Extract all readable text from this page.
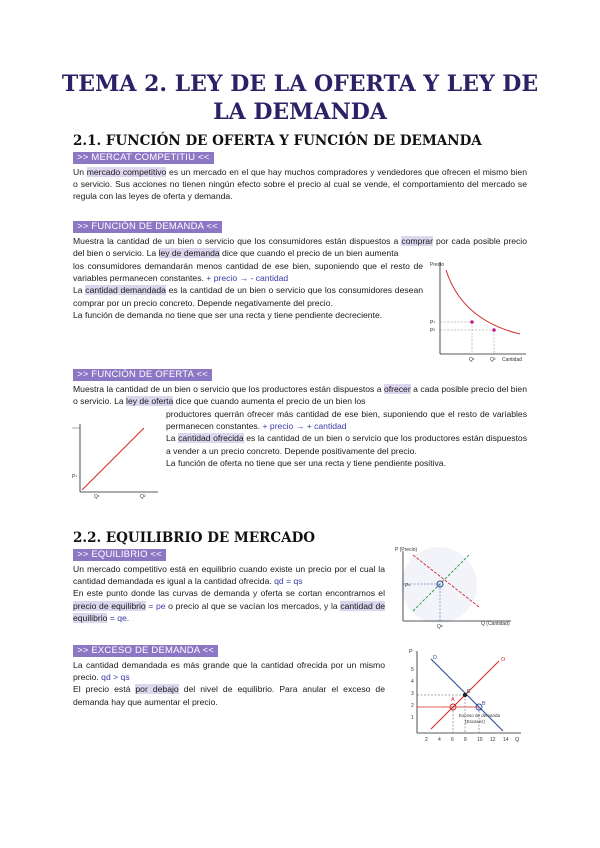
TEMA 2. LEY DE LA OFERTA Y LEY DE
LA DEMANDA
2.1. FUNCIÓN DE OFERTA Y FUNCIÓN DE DEMANDA
>> MERCAT COMPETITIU <<

Un mercado competitivo es un mercado en el que hay muchos compradores y vendedores que ofrecen el mismo bien o servicio. Sus acciones no tienen ningún efecto sobre el precio al cual se vende, el comportamiento del mercado se regula con las leyes de oferta y demanda.

>> FUNCIÓN DE DEMANDA <<

Muestra la cantidad de un bien o servicio que los consumidores están dispuestos a comprar por cada posible precio del bien o servicio. La ley de demanda dice que cuando el precio de un bien aumenta

los consumidores demandarán menos cantidad de ese bien, suponiendo que el resto de variables permanecen constantes. + precio → - cantidad
La cantidad demandada es la cantidad de un bien o servicio que los consumidores desean comprar por un precio concreto. Depende negativamente del precio.
La función de demanda no tiene que ser una recta y tiene pendiente decreciente.

Precio
P¹
P²
Q¹	Q² Cantidad
>> FUNCIÓN DE OFERTA <<

Muestra la cantidad de un bien o servicio que los productores están dispuestos a ofrecer a cada posible precio del bien o servicio. La ley de oferta dice que cuando aumenta el precio de un bien los

productores querrán ofrecer más cantidad de ese bien, suponiendo que el resto de variables permanecen constantes. + precio → + cantidad
La cantidad ofrecida es la cantidad de un bien o servicio que los productores están dispuestos a vender a un precio concreto. Depende positivamente del precio.
La función de oferta no tiene que ser una recta y tiene pendiente positiva.

P¹
Q¹	Q²
2.2. EQUILIBRIO DE MERCADO
>> EQUILIBRIO <<

Un mercado competitivo está en equilibrio cuando existe un precio por el cual la cantidad demandada es igual a la cantidad ofrecida. qd = qs
En este punto donde las curvas de demanda y oferta se cortan encontramos el precio de equilibrio = pe o precio al que se vacían los mercados, y la cantidad de equilibrio = qe.

P (Precio)
Pᵉ
Qᵉ	Q (Cantidad)
>> EXCESO DE DEMANDA <<

La cantidad demandada es más grande que la cantidad ofrecida por un mismo precio. qd > qs
El precio está por debajo del nivel de equilibrio. Para anular el exceso de demanda hay que aumentar el precio.

P
Q
O
D
E
A
B
Exceso de demanda
(Escasez)
2 4 6 8 10 12 14
1
2
3
4
5
